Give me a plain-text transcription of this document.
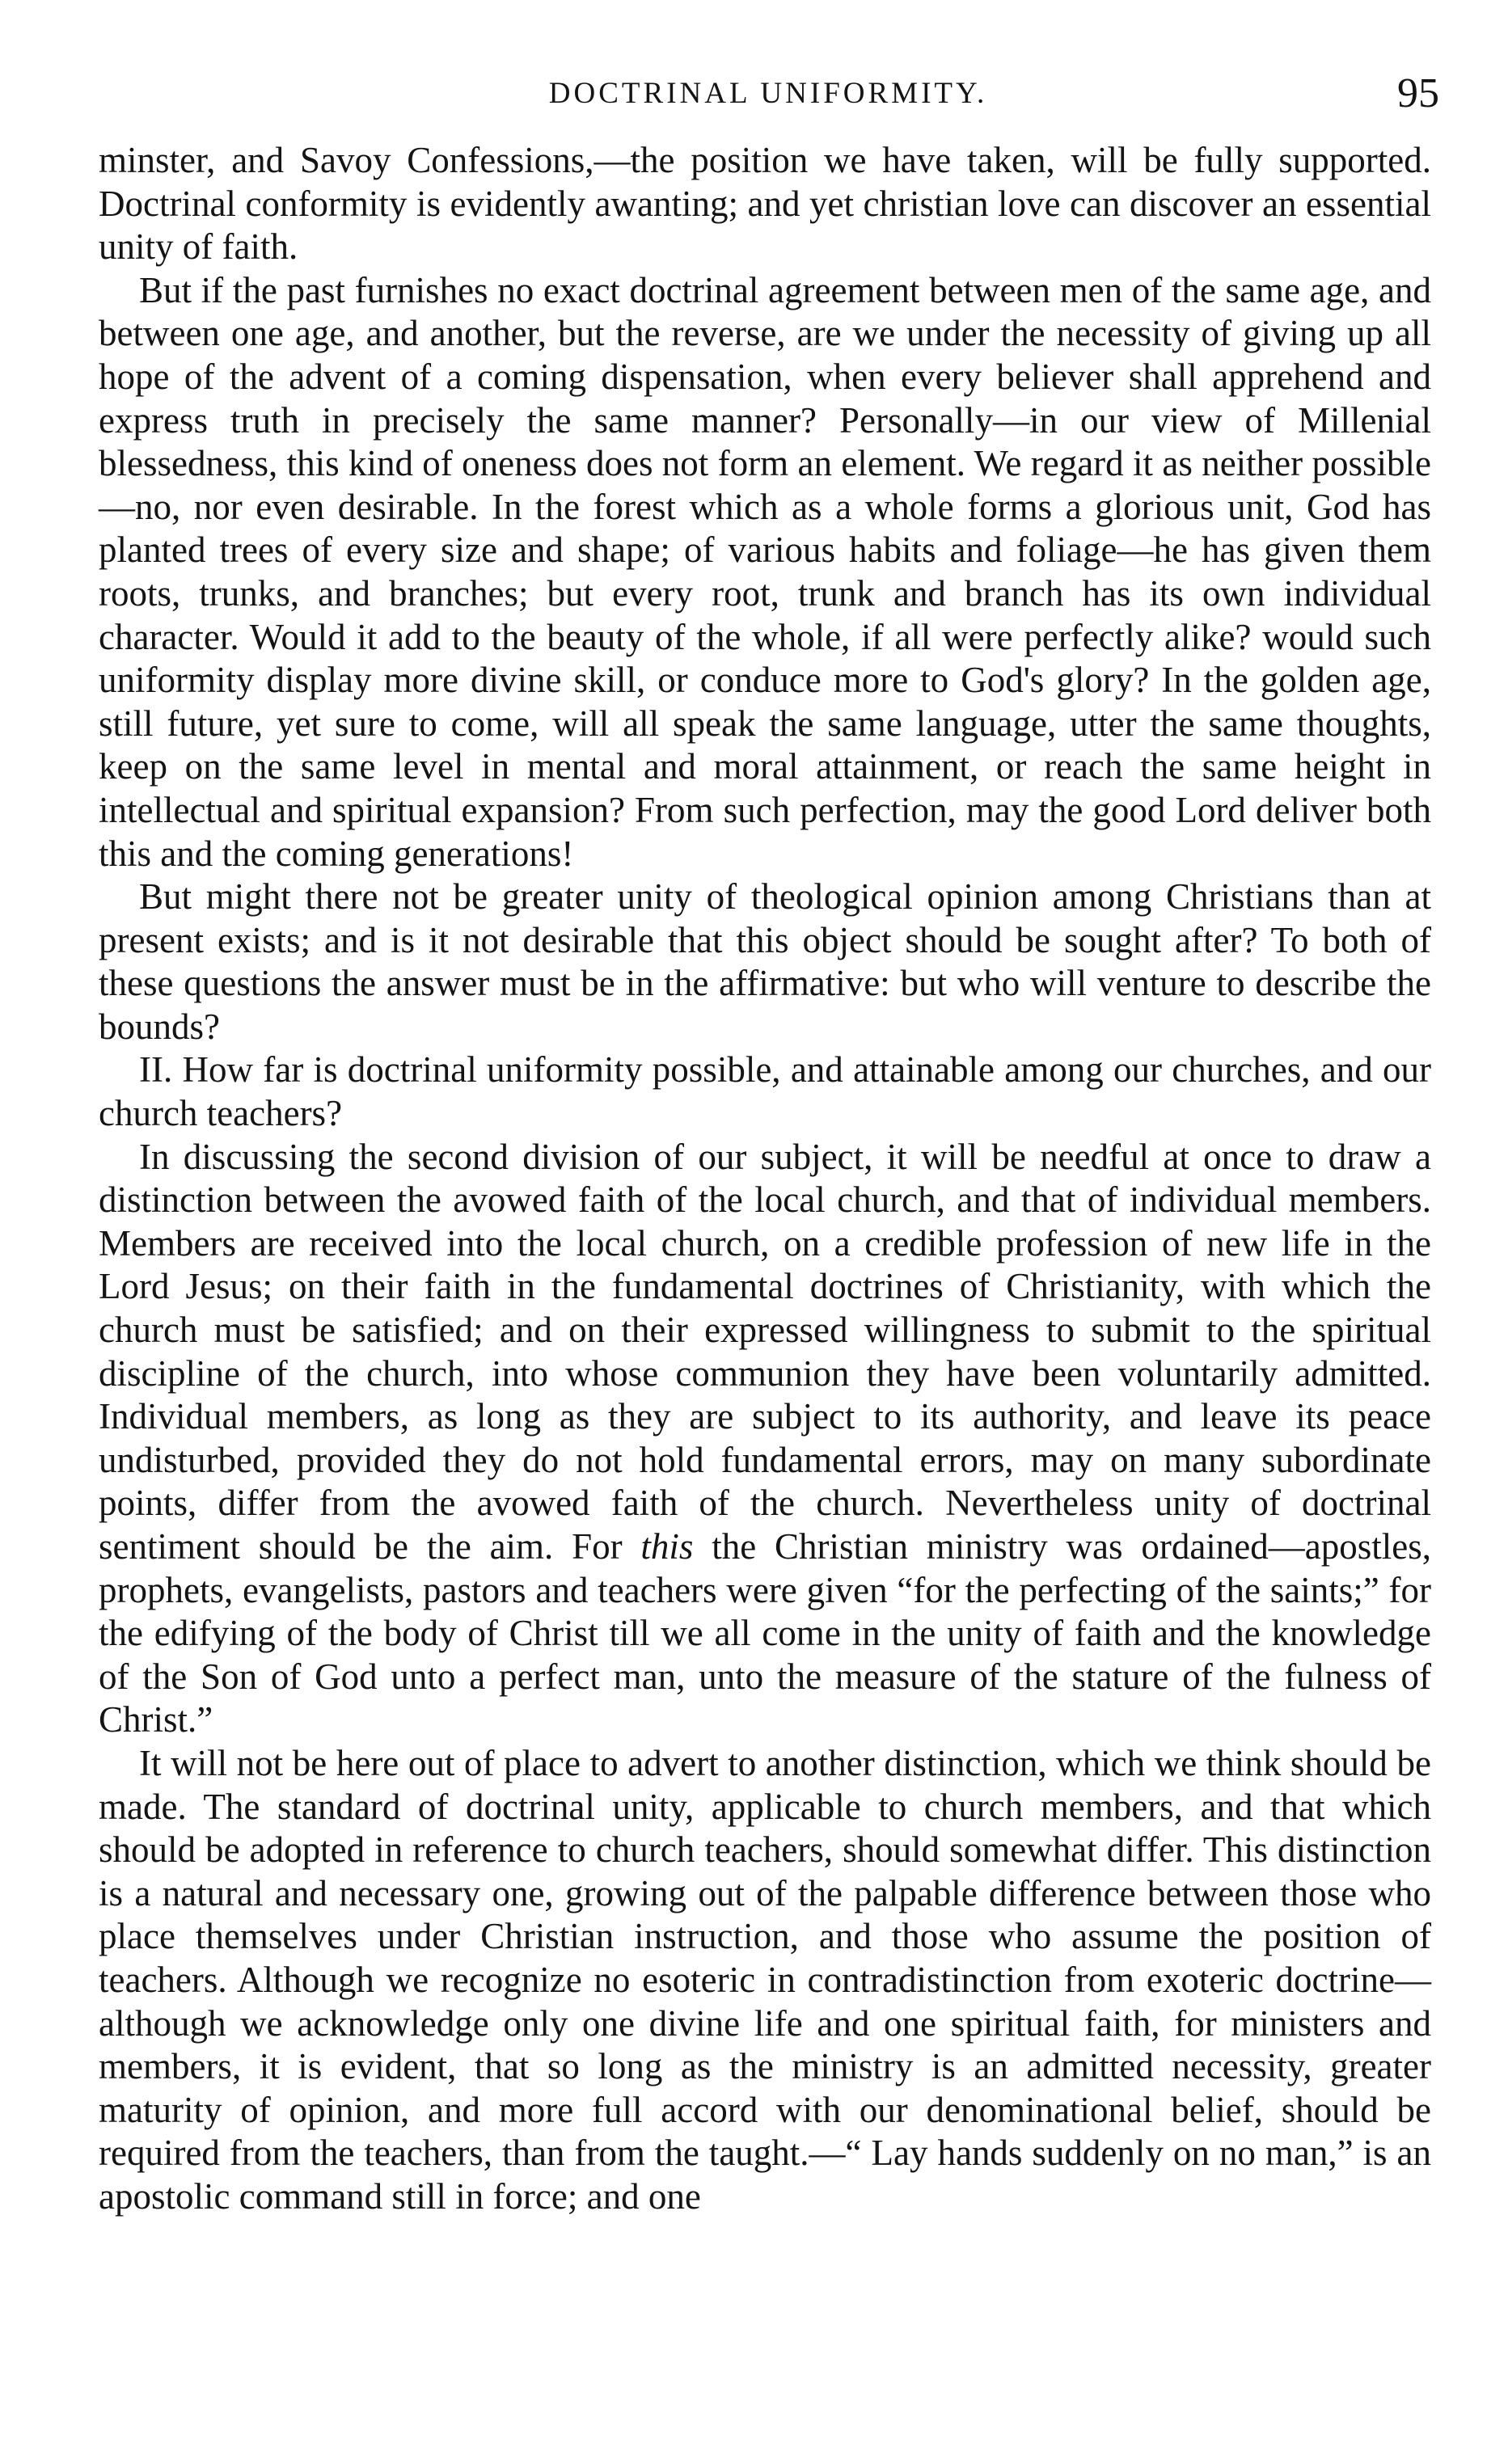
DOCTRINAL UNIFORMITY.	95

minster, and Savoy Confessions,—the position we have taken, will be fully supported. Doctrinal conformity is evidently awanting; and yet christian love can discover an essential unity of faith.

But if the past furnishes no exact doctrinal agreement between men of the same age, and between one age, and another, but the reverse, are we under the necessity of giving up all hope of the advent of a coming dispensation, when every believer shall apprehend and express truth in precisely the same manner? Personally—in our view of Millenial blessedness, this kind of oneness does not form an element. We regard it as neither possible—no, nor even desirable. In the forest which as a whole forms a glorious unit, God has planted trees of every size and shape; of various habits and foliage—he has given them roots, trunks, and branches; but every root, trunk and branch has its own individual character. Would it add to the beauty of the whole, if all were perfectly alike? would such uniformity display more divine skill, or conduce more to God's glory? In the golden age, still future, yet sure to come, will all speak the same language, utter the same thoughts, keep on the same level in mental and moral attainment, or reach the same height in intellectual and spiritual expansion? From such perfection, may the good Lord deliver both this and the coming generations!

But might there not be greater unity of theological opinion among Christians than at present exists; and is it not desirable that this object should be sought after? To both of these questions the answer must be in the affirmative: but who will venture to describe the bounds?

II. How far is doctrinal uniformity possible, and attainable among our churches, and our church teachers?

In discussing the second division of our subject, it will be needful at once to draw a distinction between the avowed faith of the local church, and that of individual members. Members are received into the local church, on a credible profession of new life in the Lord Jesus; on their faith in the fundamental doctrines of Christianity, with which the church must be satisfied; and on their expressed willingness to submit to the spiritual discipline of the church, into whose communion they have been voluntarily admitted. Individual members, as long as they are subject to its authority, and leave its peace undisturbed, provided they do not hold fundamental errors, may on many subordinate points, differ from the avowed faith of the church. Nevertheless unity of doctrinal sentiment should be the aim. For this the Christian ministry was ordained—apostles, prophets, evangelists, pastors and teachers were given “for the perfecting of the saints;” for the edifying of the body of Christ till we all come in the unity of faith and the knowledge of the Son of God unto a perfect man, unto the measure of the stature of the fulness of Christ.”

It will not be here out of place to advert to another distinction, which we think should be made. The standard of doctrinal unity, applicable to church members, and that which should be adopted in reference to church teachers, should somewhat differ. This distinction is a natural and necessary one, growing out of the palpable difference between those who place themselves under Christian instruction, and those who assume the position of teachers. Although we recognize no esoteric in contradistinction from exoteric doctrine—although we acknowledge only one divine life and one spiritual faith, for ministers and members, it is evident, that so long as the ministry is an admitted necessity, greater maturity of opinion, and more full accord with our denominational belief, should be required from the teachers, than from the taught.—“ Lay hands suddenly on no man,” is an apostolic command still in force; and one
